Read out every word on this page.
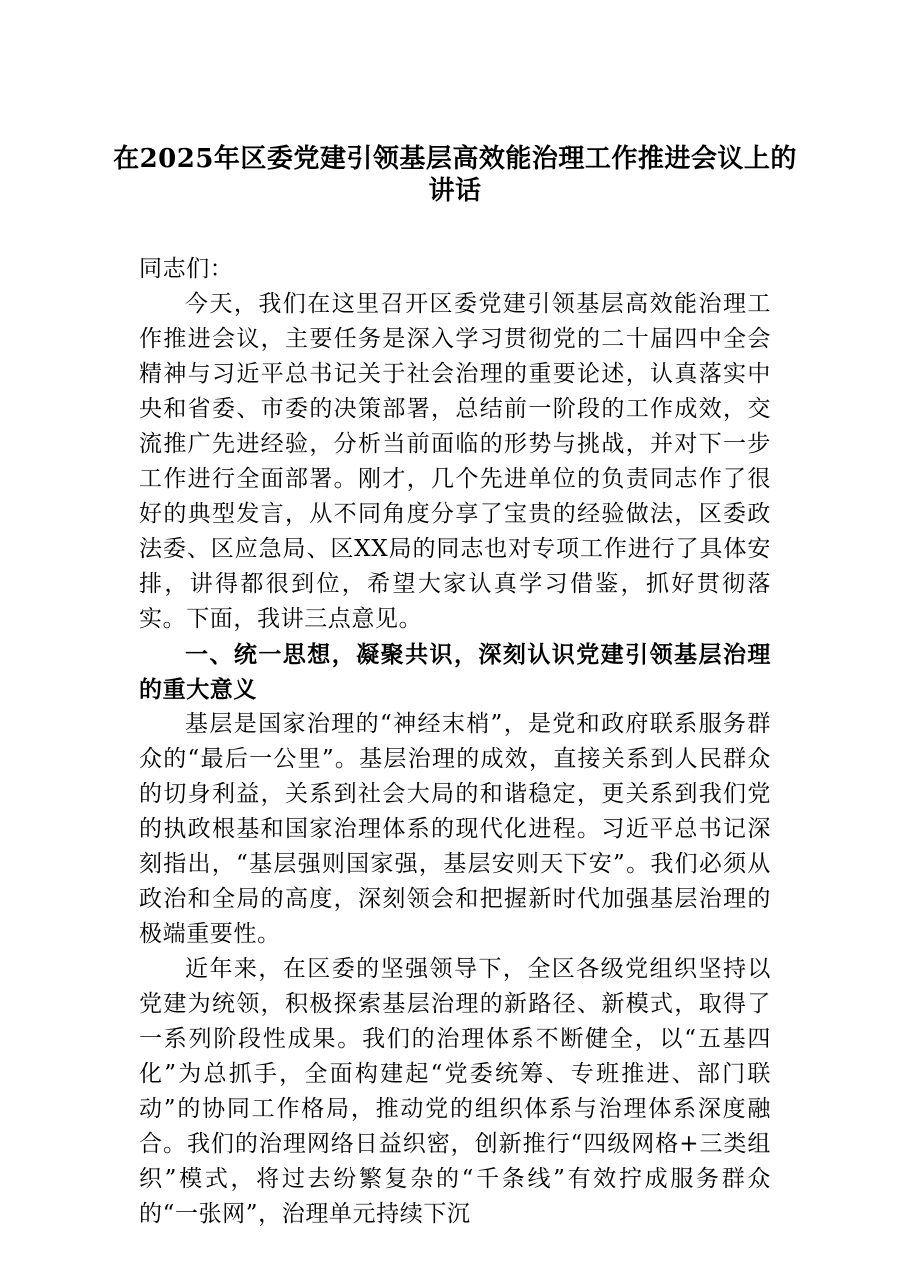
在2025年区委党建引领基层高效能治理工作推进会议上的
讲话

同志们：

今天，我们在这里召开区委党建引领基层高效能治理工作推进会议，主要任务是深入学习贯彻党的二十届四中全会精神与习近平总书记关于社会治理的重要论述，认真落实中央和省委、市委的决策部署，总结前一阶段的工作成效，交流推广先进经验，分析当前面临的形势与挑战，并对下一步工作进行全面部署。刚才，几个先进单位的负责同志作了很好的典型发言，从不同角度分享了宝贵的经验做法，区委政法委、区应急局、区XX局的同志也对专项工作进行了具体安排，讲得都很到位，希望大家认真学习借鉴，抓好贯彻落实。下面，我讲三点意见。

一、统一思想，凝聚共识，深刻认识党建引领基层治理的重大意义

基层是国家治理的“神经末梢”，是党和政府联系服务群众的“最后一公里”。基层治理的成效，直接关系到人民群众的切身利益，关系到社会大局的和谐稳定，更关系到我们党的执政根基和国家治理体系的现代化进程。习近平总书记深刻指出，“基层强则国家强，基层安则天下安”。我们必须从政治和全局的高度，深刻领会和把握新时代加强基层治理的极端重要性。

近年来，在区委的坚强领导下，全区各级党组织坚持以党建为统领，积极探索基层治理的新路径、新模式，取得了一系列阶段性成果。我们的治理体系不断健全，以“五基四化”为总抓手，全面构建起“党委统筹、专班推进、部门联动”的协同工作格局，推动党的组织体系与治理体系深度融合。我们的治理网络日益织密，创新推行“四级网格+三类组织”模式，将过去纷繁复杂的“千条线”有效拧成服务群众的“一张网”，治理单元持续下沉
